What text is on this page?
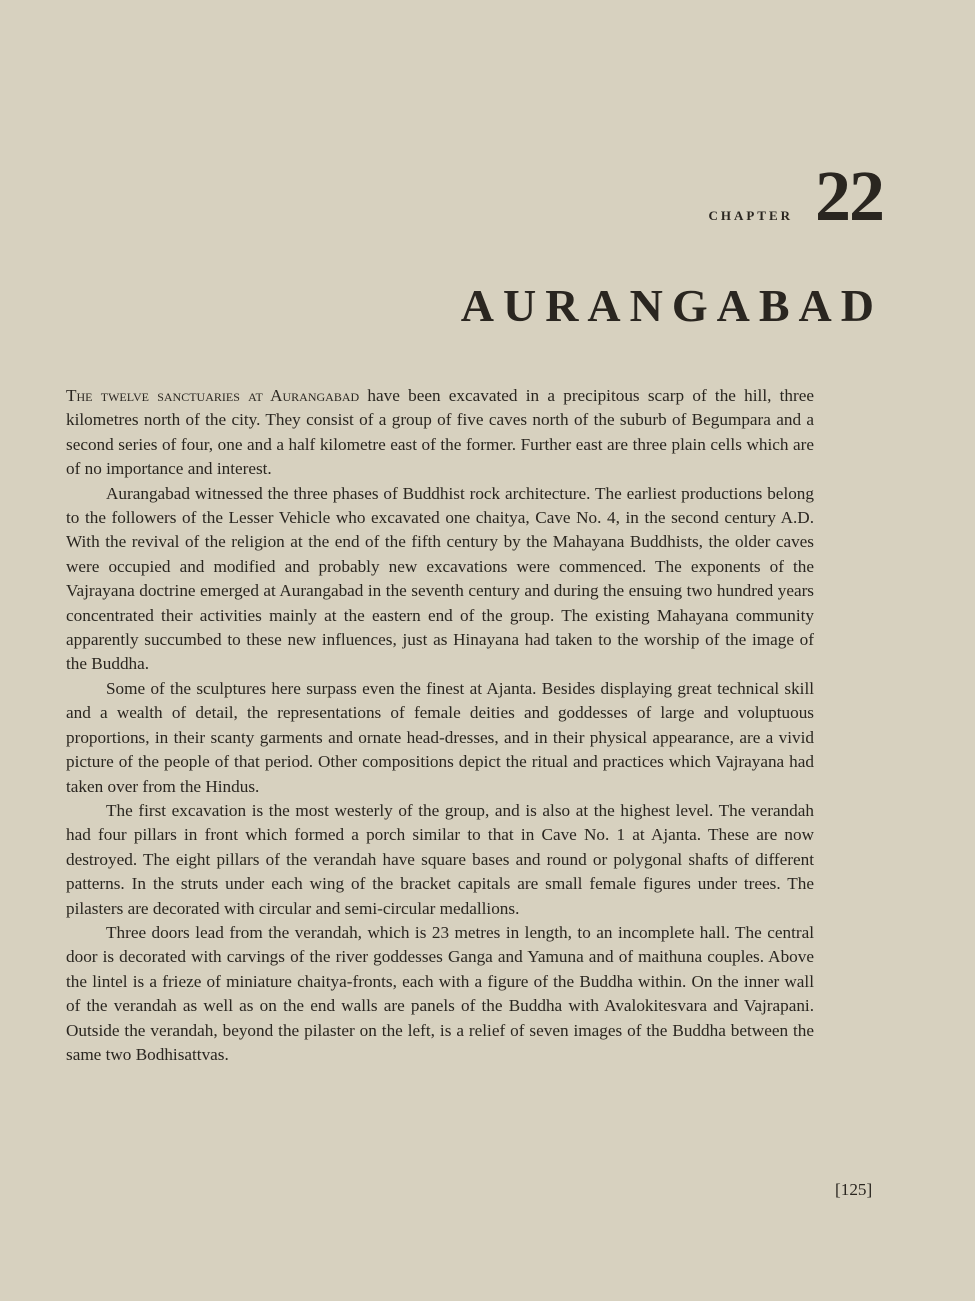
CHAPTER 22
AURANGABAD

The twelve sanctuaries at Aurangabad have been excavated in a precipitous scarp of the hill, three kilometres north of the city. They consist of a group of five caves north of the suburb of Begumpara and a second series of four, one and a half kilometre east of the former. Further east are three plain cells which are of no importance and interest.

Aurangabad witnessed the three phases of Buddhist rock architecture. The earliest productions belong to the followers of the Lesser Vehicle who excavated one chaitya, Cave No. 4, in the second century A.D. With the revival of the religion at the end of the fifth century by the Mahayana Buddhists, the older caves were occupied and modified and probably new excavations were commenced. The exponents of the Vajrayana doctrine emerged at Aurangabad in the seventh century and during the ensuing two hundred years concentrated their activities mainly at the eastern end of the group. The existing Mahayana community apparently succumbed to these new influences, just as Hinayana had taken to the worship of the image of the Buddha.

Some of the sculptures here surpass even the finest at Ajanta. Besides displaying great technical skill and a wealth of detail, the representations of female deities and goddesses of large and voluptuous proportions, in their scanty garments and ornate head-dresses, and in their physical appearance, are a vivid picture of the people of that period. Other compositions depict the ritual and practices which Vajrayana had taken over from the Hindus.

The first excavation is the most westerly of the group, and is also at the highest level. The verandah had four pillars in front which formed a porch similar to that in Cave No. 1 at Ajanta. These are now destroyed. The eight pillars of the verandah have square bases and round or polygonal shafts of different patterns. In the struts under each wing of the bracket capitals are small female figures under trees. The pilasters are decorated with circular and semi-circular medallions.

Three doors lead from the verandah, which is 23 metres in length, to an incomplete hall. The central door is decorated with carvings of the river goddesses Ganga and Yamuna and of maithuna couples. Above the lintel is a frieze of miniature chaitya-fronts, each with a figure of the Buddha within. On the inner wall of the verandah as well as on the end walls are panels of the Buddha with Avalokitesvara and Vajrapani. Outside the verandah, beyond the pilaster on the left, is a relief of seven images of the Buddha between the same two Bodhisattvas.

[125]
